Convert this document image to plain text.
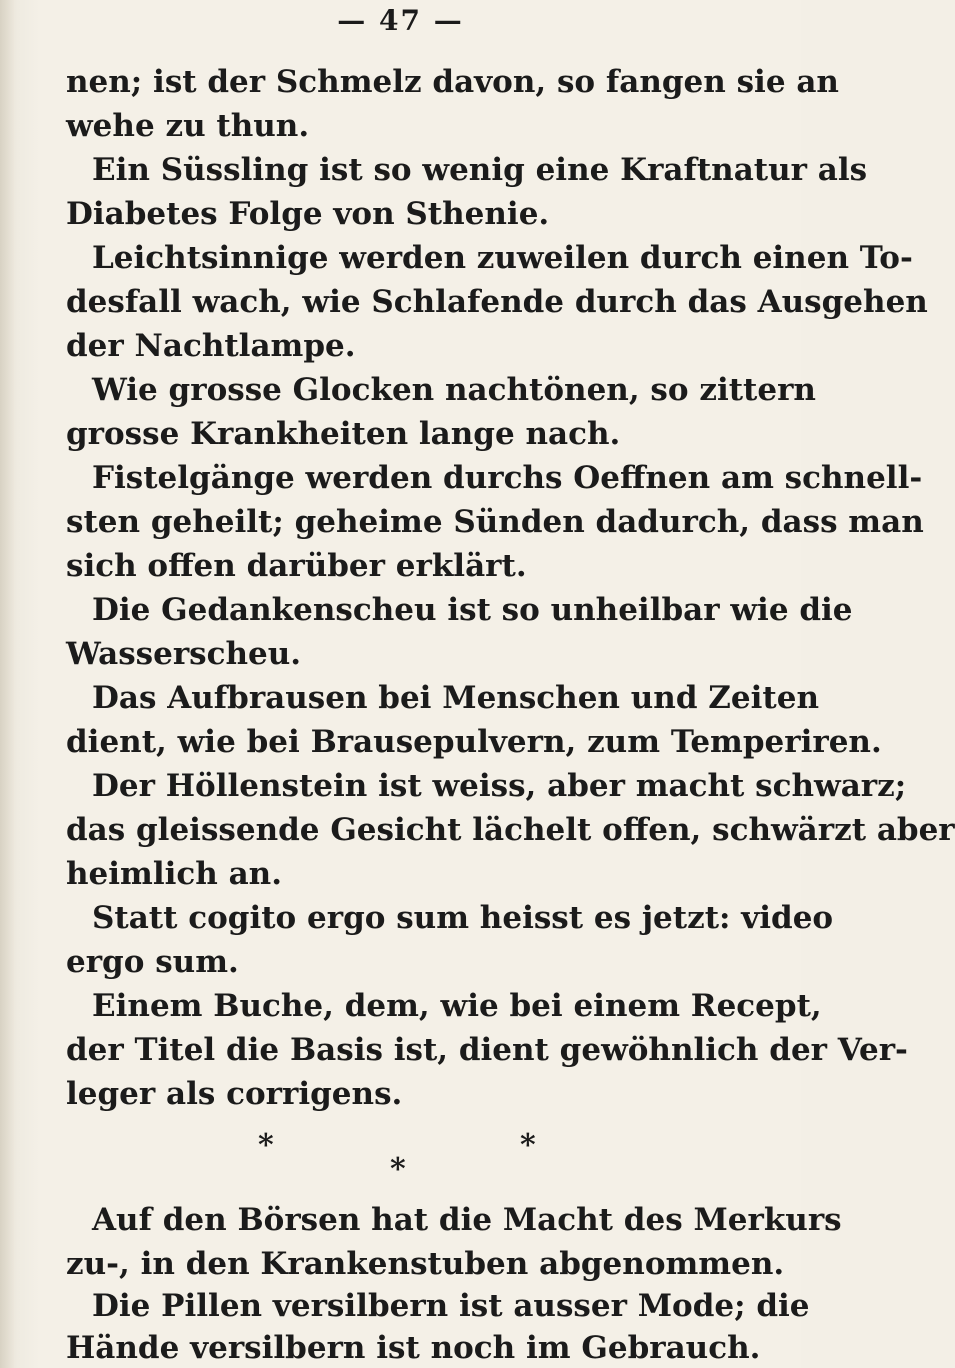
— 47 —
nen; ist der Schmelz davon, so fangen sie an
wehe zu thun.
Ein Süssling ist so wenig eine Kraftnatur als
Diabetes Folge von Sthenie.
Leichtsinnige werden zuweilen durch einen To-
desfall wach, wie Schlafende durch das Ausgehen
der Nachtlampe.
Wie grosse Glocken nachtönen, so zittern
grosse Krankheiten lange nach.
Fistelgänge werden durchs Oeffnen am schnell-
sten geheilt; geheime Sünden dadurch, dass man
sich offen darüber erklärt.
Die Gedankenscheu ist so unheilbar wie die
Wasserscheu.
Das Aufbrausen bei Menschen und Zeiten
dient, wie bei Brausepulvern, zum Temperiren.
Der Höllenstein ist weiss, aber macht schwarz;
das gleissende Gesicht lächelt offen, schwärzt aber
heimlich an.
Statt cogito ergo sum heisst es jetzt: video
ergo sum.
Einem Buche, dem, wie bei einem Recept,
der Titel die Basis ist, dient gewöhnlich der Ver-
leger als corrigens.
*	*
*
Auf den Börsen hat die Macht des Merkurs
zu-, in den Krankenstuben abgenommen.
Die Pillen versilbern ist ausser Mode; die
Hände versilbern ist noch im Gebrauch.
